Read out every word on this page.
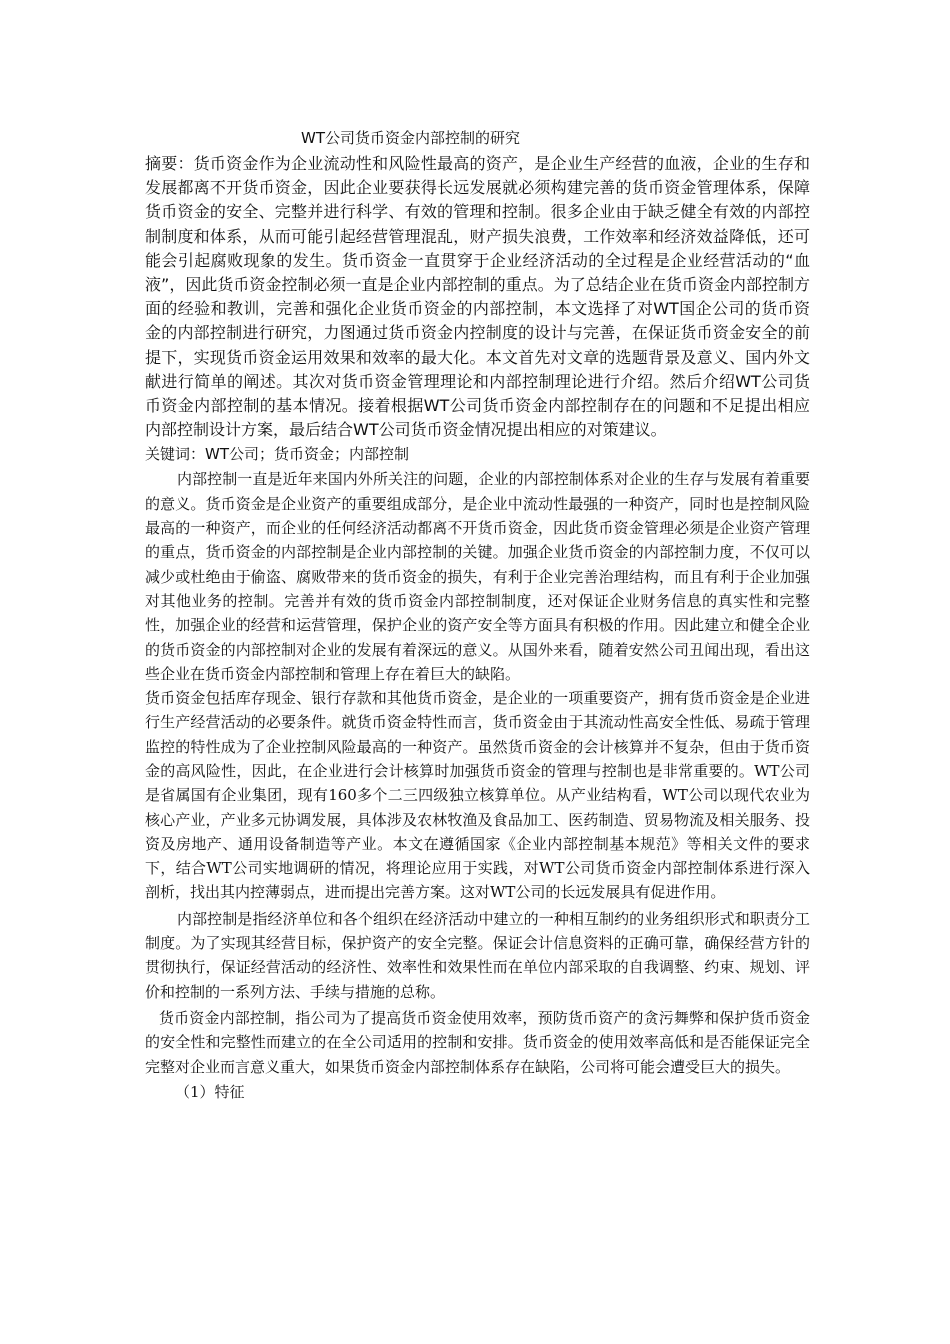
WT公司货币资金内部控制的研究

摘要：货币资金作为企业流动性和风险性最高的资产，是企业生产经营的血液，企业的生存和发展都离不开货币资金，因此企业要获得长远发展就必须构建完善的货币资金管理体系，保障货币资金的安全、完整并进行科学、有效的管理和控制。很多企业由于缺乏健全有效的内部控制制度和体系，从而可能引起经营管理混乱，财产损失浪费，工作效率和经济效益降低，还可能会引起腐败现象的发生。货币资金一直贯穿于企业经济活动的全过程是企业经营活动的“血液”，因此货币资金控制必须一直是企业内部控制的重点。为了总结企业在货币资金内部控制方面的经验和教训，完善和强化企业货币资金的内部控制，本文选择了对WT国企公司的货币资金的内部控制进行研究，力图通过货币资金内控制度的设计与完善，在保证货币资金安全的前提下，实现货币资金运用效果和效率的最大化。本文首先对文章的选题背景及意义、国内外文献进行简单的阐述。其次对货币资金管理理论和内部控制理论进行介绍。然后介绍WT公司货币资金内部控制的基本情况。接着根据WT公司货币资金内部控制存在的问题和不足提出相应内部控制设计方案，最后结合WT公司货币资金情况提出相应的对策建议。

关键词：WT公司；货币资金；内部控制

内部控制一直是近年来国内外所关注的问题，企业的内部控制体系对企业的生存与发展有着重要的意义。货币资金是企业资产的重要组成部分，是企业中流动性最强的一种资产，同时也是控制风险最高的一种资产，而企业的任何经济活动都离不开货币资金，因此货币资金管理必须是企业资产管理的重点，货币资金的内部控制是企业内部控制的关键。加强企业货币资金的内部控制力度，不仅可以减少或杜绝由于偷盗、腐败带来的货币资金的损失，有利于企业完善治理结构，而且有利于企业加强对其他业务的控制。完善并有效的货币资金内部控制制度，还对保证企业财务信息的真实性和完整性，加强企业的经营和运营管理，保护企业的资产安全等方面具有积极的作用。因此建立和健全企业的货币资金的内部控制对企业的发展有着深远的意义。从国外来看，随着安然公司丑闻出现，看出这些企业在货币资金内部控制和管理上存在着巨大的缺陷。

货币资金包括库存现金、银行存款和其他货币资金，是企业的一项重要资产，拥有货币资金是企业进行生产经营活动的必要条件。就货币资金特性而言，货币资金由于其流动性高安全性低、易疏于管理监控的特性成为了企业控制风险最高的一种资产。虽然货币资金的会计核算并不复杂，但由于货币资金的高风险性，因此，在企业进行会计核算时加强货币资金的管理与控制也是非常重要的。WT公司是省属国有企业集团，现有160多个二三四级独立核算单位。从产业结构看，WT公司以现代农业为核心产业，产业多元协调发展，具体涉及农林牧渔及食品加工、医药制造、贸易物流及相关服务、投资及房地产、通用设备制造等产业。本文在遵循国家《企业内部控制基本规范》等相关文件的要求下，结合WT公司实地调研的情况，将理论应用于实践，对WT公司货币资金内部控制体系进行深入剖析，找出其内控薄弱点，进而提出完善方案。这对WT公司的长远发展具有促进作用。

内部控制是指经济单位和各个组织在经济活动中建立的一种相互制约的业务组织形式和职责分工制度。为了实现其经营目标，保护资产的安全完整。保证会计信息资料的正确可靠，确保经营方针的贯彻执行，保证经营活动的经济性、效率性和效果性而在单位内部采取的自我调整、约束、规划、评价和控制的一系列方法、手续与措施的总称。

货币资金内部控制，指公司为了提高货币资金使用效率，预防货币资产的贪污舞弊和保护货币资金的安全性和完整性而建立的在全公司适用的控制和安排。货币资金的使用效率高低和是否能保证完全完整对企业而言意义重大，如果货币资金内部控制体系存在缺陷，公司将可能会遭受巨大的损失。

（1）特征
